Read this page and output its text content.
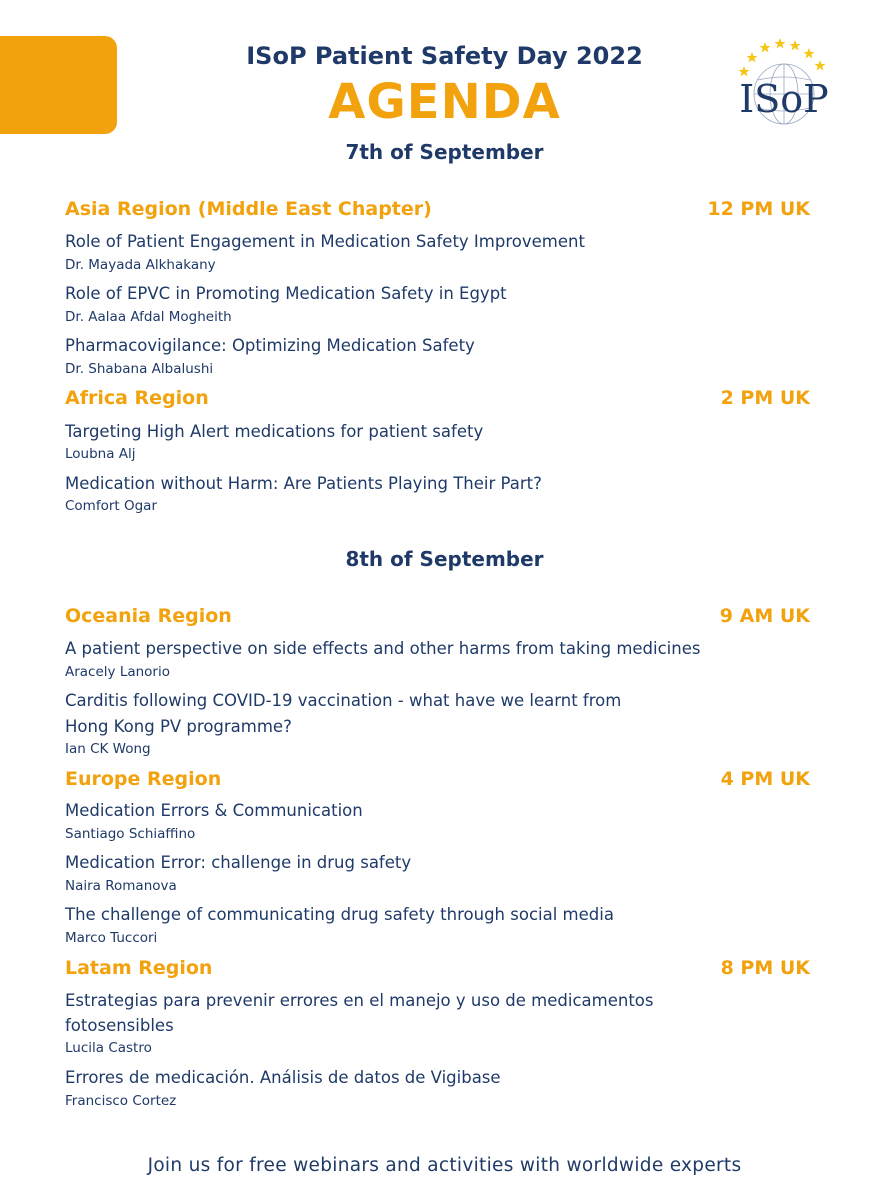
ISoP Patient Safety Day 2022
AGENDA	ISoP
7th of September
Asia Region (Middle East Chapter)	12 PM UK
Role of Patient Engagement in Medication Safety Improvement
Dr. Mayada Alkhakany
Role of EPVC in Promoting Medication Safety in Egypt
Dr. Aalaa Afdal Mogheith
Pharmacovigilance: Optimizing Medication Safety
Dr. Shabana Albalushi
Africa Region	2 PM UK
Targeting High Alert medications for patient safety
Loubna Alj
Medication without Harm: Are Patients Playing Their Part?
Comfort Ogar
8th of September
Oceania Region	9 AM UK
A patient perspective on side effects and other harms from taking medicines
Aracely Lanorio
Carditis following COVID-19 vaccination - what have we learnt from
Hong Kong PV programme?
Ian CK Wong
Europe Region	4 PM UK
Medication Errors & Communication
Santiago Schiaffino
Medication Error: challenge in drug safety
Naira Romanova
The challenge of communicating drug safety through social media
Marco Tuccori
Latam Region	8 PM UK
Estrategias para prevenir errores en el manejo y uso de medicamentos
fotosensibles
Lucila Castro
Errores de medicación. Análisis de datos de Vigibase
Francisco Cortez
Join us for free webinars and activities with worldwide experts
